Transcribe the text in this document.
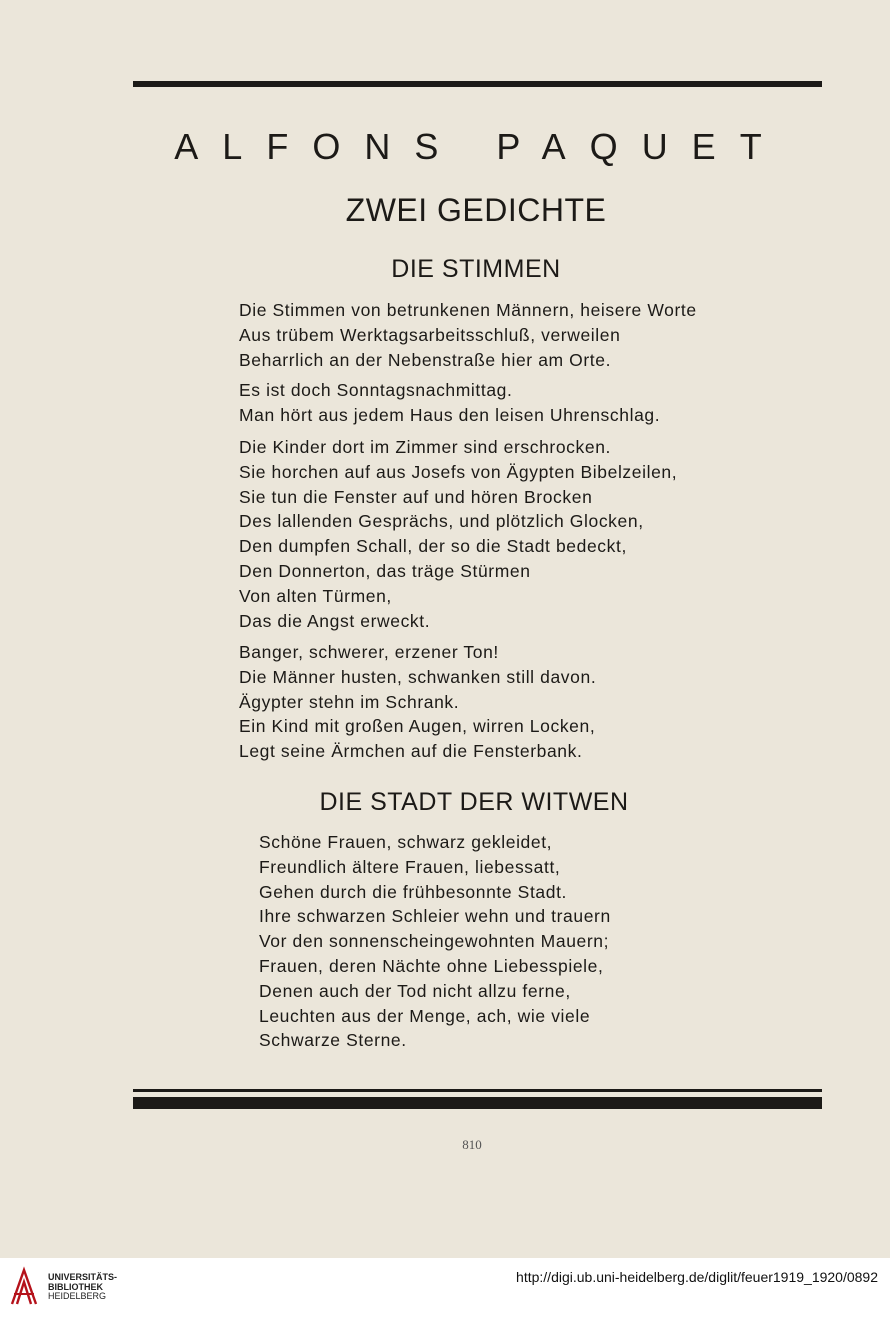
ALFONS PAQUET
ZWEI GEDICHTE
DIE STIMMEN
Die Stimmen von betrunkenen Männern, heisere Worte
Aus trübem Werktagsarbeitsschluß, verweilen
Beharrlich an der Nebenstraße hier am Orte.
Es ist doch Sonntagsnachmittag.
Man hört aus jedem Haus den leisen Uhrenschlag.
Die Kinder dort im Zimmer sind erschrocken.
Sie horchen auf aus Josefs von Ägypten Bibelzeilen,
Sie tun die Fenster auf und hören Brocken
Des lallenden Gesprächs, und plötzlich Glocken,
Den dumpfen Schall, der so die Stadt bedeckt,
Den Donnerton, das träge Stürmen
Von alten Türmen,
Das die Angst erweckt.
Banger, schwerer, erzener Ton!
Die Männer husten, schwanken still davon.
Ägypter stehn im Schrank.
Ein Kind mit großen Augen, wirren Locken,
Legt seine Ärmchen auf die Fensterbank.
DIE STADT DER WITWEN
Schöne Frauen, schwarz gekleidet,
Freundlich ältere Frauen, liebessatt,
Gehen durch die frühbesonnte Stadt.
Ihre schwarzen Schleier wehn und trauern
Vor den sonnenscheingewohnten Mauern;
Frauen, deren Nächte ohne Liebesspiele,
Denen auch der Tod nicht allzu ferne,
Leuchten aus der Menge, ach, wie viele
Schwarze Sterne.
810

UNIVERSITÄTS-
BIBLIOTHEK
HEIDELBERG

http://digi.ub.uni-heidelberg.de/diglit/feuer1919_1920/0892
